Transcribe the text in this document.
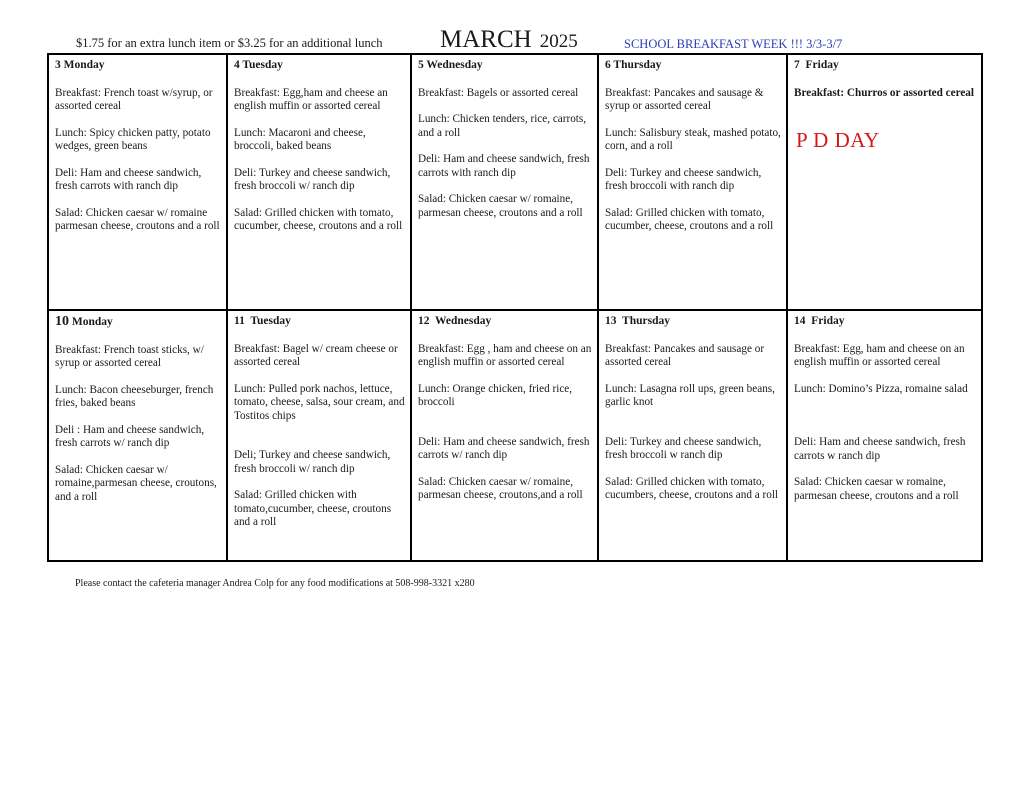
$1.75 for an extra lunch item or $3.25 for an additional lunch MARCH 2025	SCHOOL BREAKFAST WEEK !!! 3/3-3/7
3 Monday

Breakfast: French toast w/syrup, or assorted cereal

Lunch: Spicy chicken patty, potato wedges, green beans

Deli: Ham and cheese sandwich, fresh carrots with ranch dip

Salad: Chicken caesar w/ romaine parmesan cheese, croutons and a roll

4 Tuesday

Breakfast: Egg,ham and cheese an english muffin or assorted cereal

Lunch: Macaroni and cheese, broccoli, baked beans

Deli: Turkey and cheese sandwich, fresh broccoli w/ ranch dip

Salad: Grilled chicken with tomato, cucumber, cheese, croutons and a roll

5 Wednesday

Breakfast: Bagels or assorted cereal

Lunch: Chicken tenders, rice, carrots, and a roll

Deli: Ham and cheese sandwich, fresh carrots with ranch dip

Salad: Chicken caesar w/ romaine, parmesan cheese, croutons and a roll

6 Thursday

Breakfast: Pancakes and sausage & syrup or assorted cereal

Lunch: Salisbury steak, mashed potato, corn, and a roll

Deli: Turkey and cheese sandwich, fresh broccoli with ranch dip

Salad: Grilled chicken with tomato, cucumber, cheese, croutons and a roll

7 Friday

Breakfast: Churros or assorted cereal

P D DAY
10 Monday

Breakfast: French toast sticks, w/ syrup or assorted cereal

Lunch: Bacon cheeseburger, french fries, baked beans

Deli : Ham and cheese sandwich, fresh carrots w/ ranch dip

Salad: Chicken caesar w/ romaine,parmesan cheese, croutons, and a roll

11 Tuesday

Breakfast: Bagel w/ cream cheese or assorted cereal

Lunch: Pulled pork nachos, lettuce, tomato, cheese, salsa, sour cream, and Tostitos chips

Deli; Turkey and cheese sandwich, fresh broccoli w/ ranch dip

Salad: Grilled chicken with tomato,cucumber, cheese, croutons and a roll

12 Wednesday

Breakfast: Egg , ham and cheese on an english muffin or assorted cereal

Lunch: Orange chicken, fried rice, broccoli

Deli: Ham and cheese sandwich, fresh carrots w/ ranch dip

Salad: Chicken caesar w/ romaine, parmesan cheese, croutons,and a roll

13 Thursday

Breakfast: Pancakes and sausage or assorted cereal

Lunch: Lasagna roll ups, green beans, garlic knot

Deli: Turkey and cheese sandwich, fresh broccoli w ranch dip

Salad: Grilled chicken with tomato, cucumbers, cheese, croutons and a roll

14 Friday

Breakfast: Egg, ham and cheese on an english muffin or assorted cereal

Lunch: Domino’s Pizza, romaine salad

Deli: Ham and cheese sandwich, fresh carrots w ranch dip

Salad: Chicken caesar w romaine, parmesan cheese, croutons and a roll

Please contact the cafeteria manager Andrea Colp for any food modifications at 508-998-3321 x280
